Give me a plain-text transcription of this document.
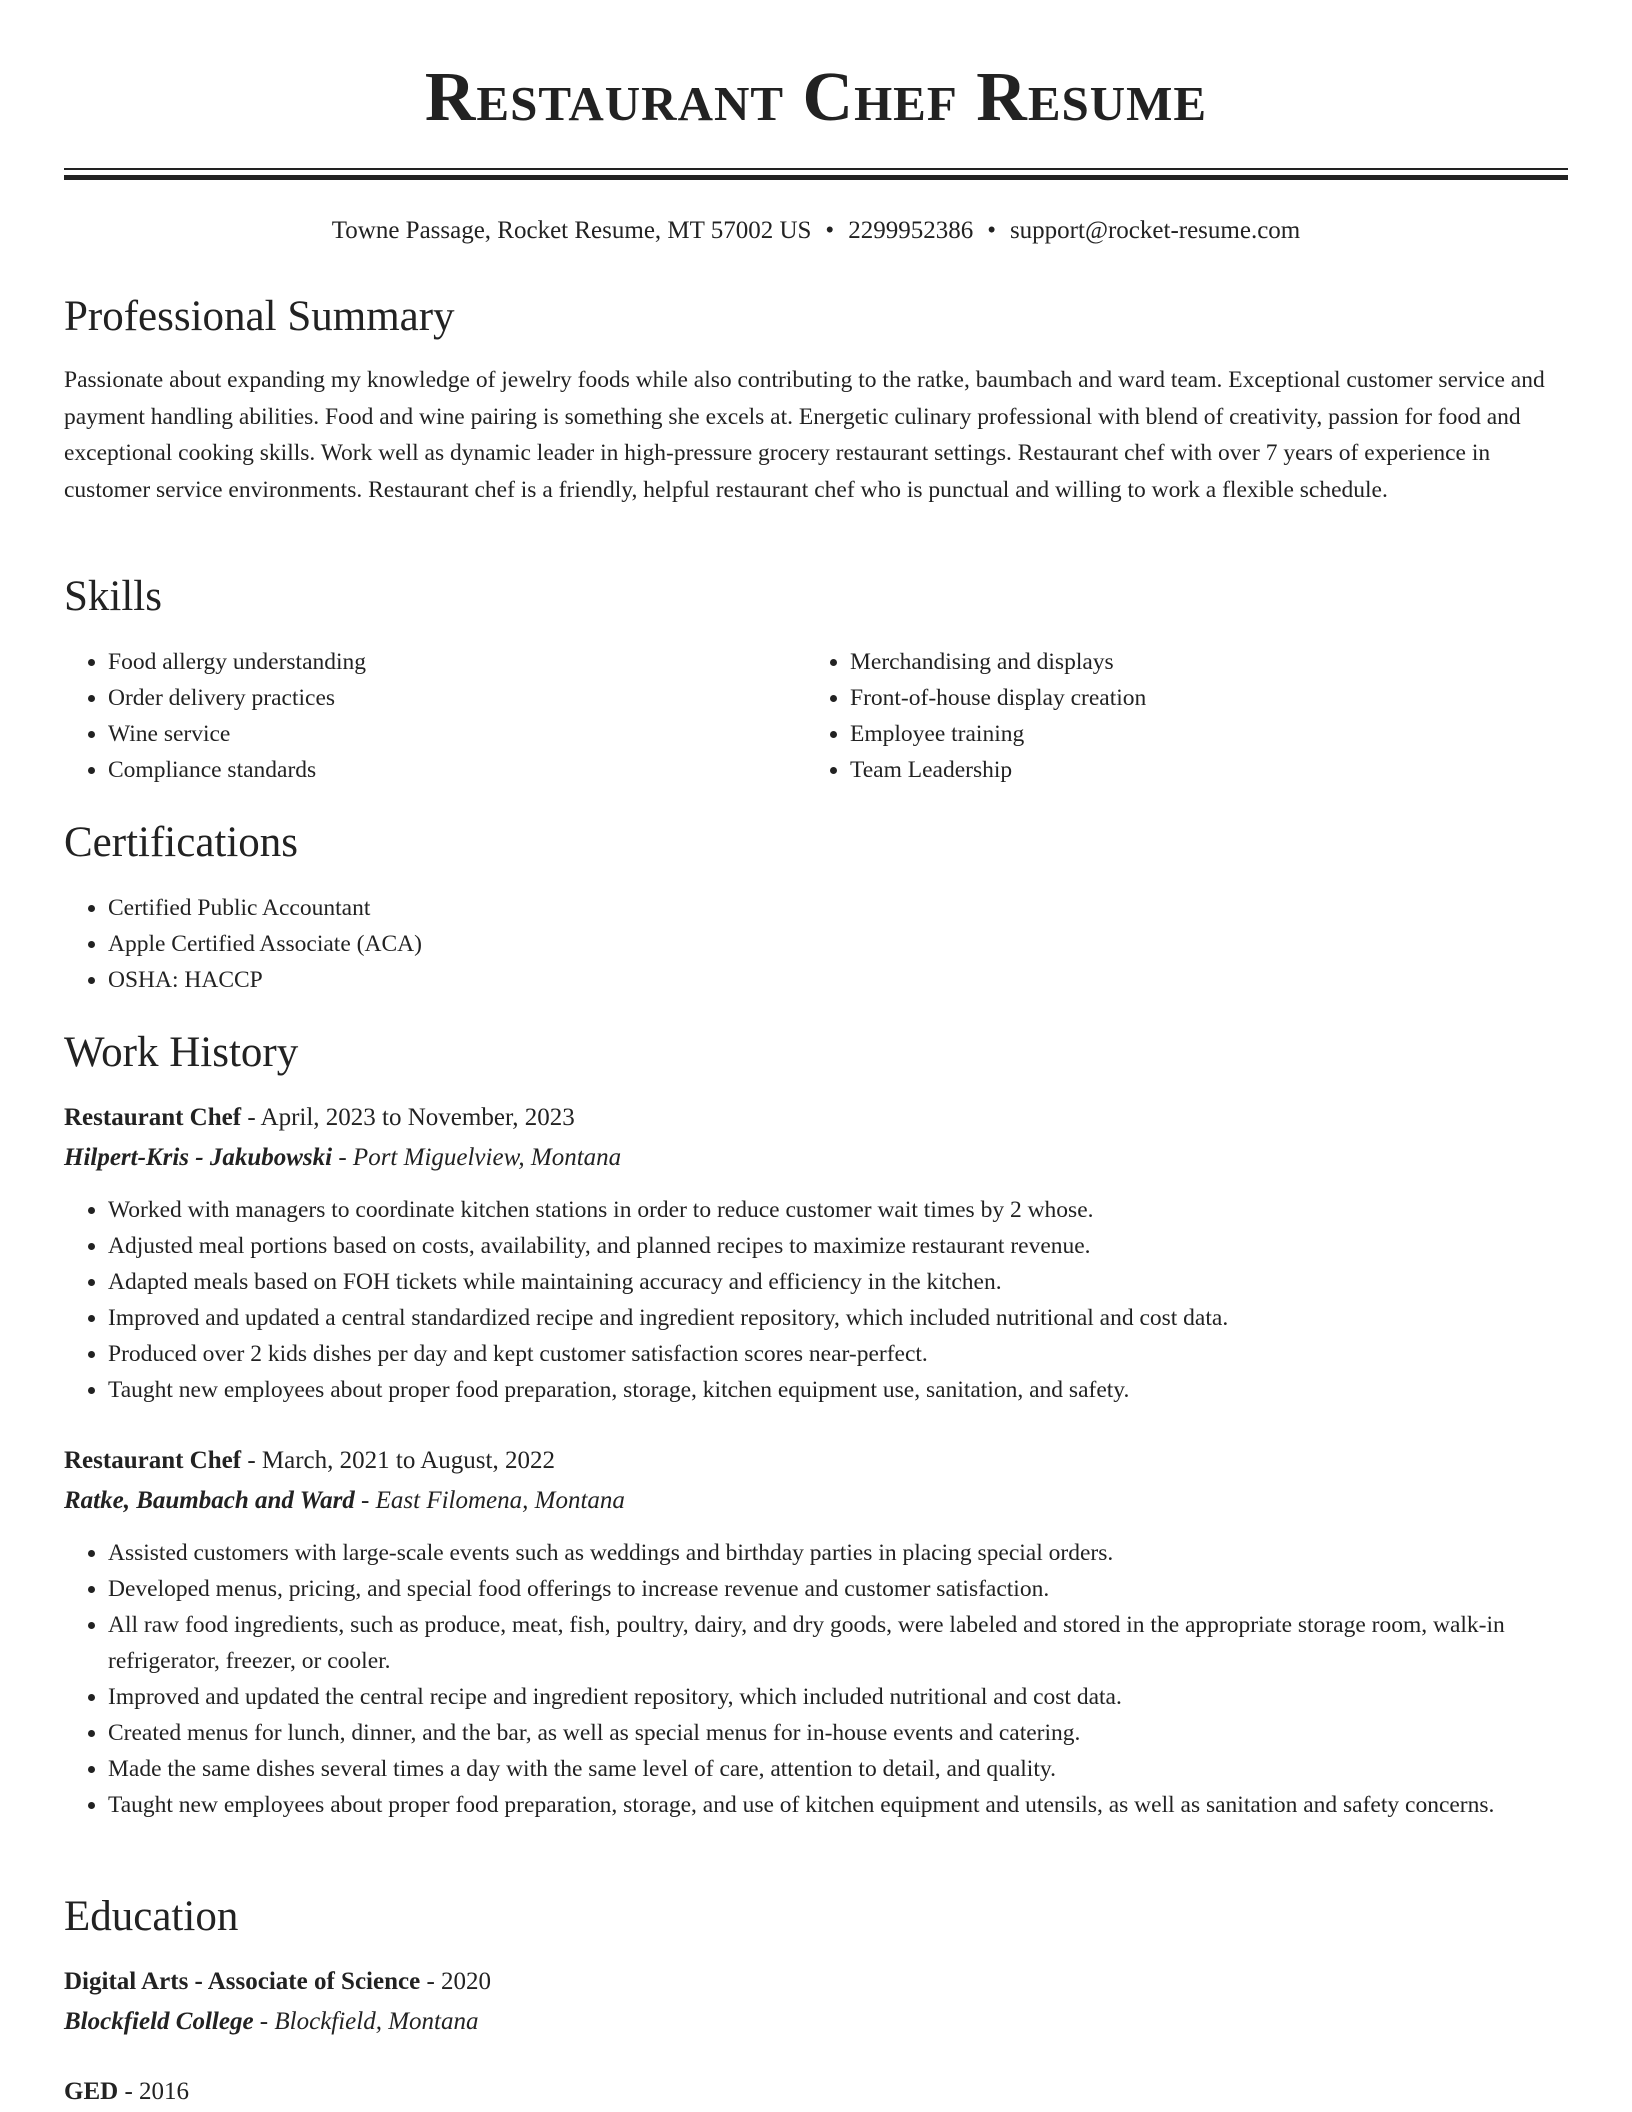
Restaurant Chef Resume
Towne Passage, Rocket Resume, MT 57002 US • 2299952386 • support@rocket-resume.com
Professional Summary

Passionate about expanding my knowledge of jewelry foods while also contributing to the ratke, baumbach and ward team. Exceptional customer service and payment handling abilities. Food and wine pairing is something she excels at. Energetic culinary professional with blend of creativity, passion for food and exceptional cooking skills. Work well as dynamic leader in high-pressure grocery restaurant settings. Restaurant chef with over 7 years of experience in customer service environments. Restaurant chef is a friendly, helpful restaurant chef who is punctual and willing to work a flexible schedule.

Skills
• Food allergy understanding
• Order delivery practices
• Wine service
• Compliance standards
• Merchandising and displays
• Front-of-house display creation
• Employee training
• Team Leadership
Certifications
• Certified Public Accountant
• Apple Certified Associate (ACA)
• OSHA: HACCP
Work History
Restaurant Chef - April, 2023 to November, 2023
Hilpert-Kris - Jakubowski - Port Miguelview, Montana
• Worked with managers to coordinate kitchen stations in order to reduce customer wait times by 2 whose.
• Adjusted meal portions based on costs, availability, and planned recipes to maximize restaurant revenue.
• Adapted meals based on FOH tickets while maintaining accuracy and efficiency in the kitchen.
• Improved and updated a central standardized recipe and ingredient repository, which included nutritional and cost data.
• Produced over 2 kids dishes per day and kept customer satisfaction scores near-perfect.
• Taught new employees about proper food preparation, storage, kitchen equipment use, sanitation, and safety.
Restaurant Chef - March, 2021 to August, 2022
Ratke, Baumbach and Ward - East Filomena, Montana
• Assisted customers with large-scale events such as weddings and birthday parties in placing special orders.
• Developed menus, pricing, and special food offerings to increase revenue and customer satisfaction.
• All raw food ingredients, such as produce, meat, fish, poultry, dairy, and dry goods, were labeled and stored in the appropriate storage room, walk-in refrigerator, freezer, or cooler.
• Improved and updated the central recipe and ingredient repository, which included nutritional and cost data.
• Created menus for lunch, dinner, and the bar, as well as special menus for in-house events and catering.
• Made the same dishes several times a day with the same level of care, attention to detail, and quality.
• Taught new employees about proper food preparation, storage, and use of kitchen equipment and utensils, as well as sanitation and safety concerns.
Education
Digital Arts - Associate of Science - 2020
Blockfield College - Blockfield, Montana
GED - 2016
